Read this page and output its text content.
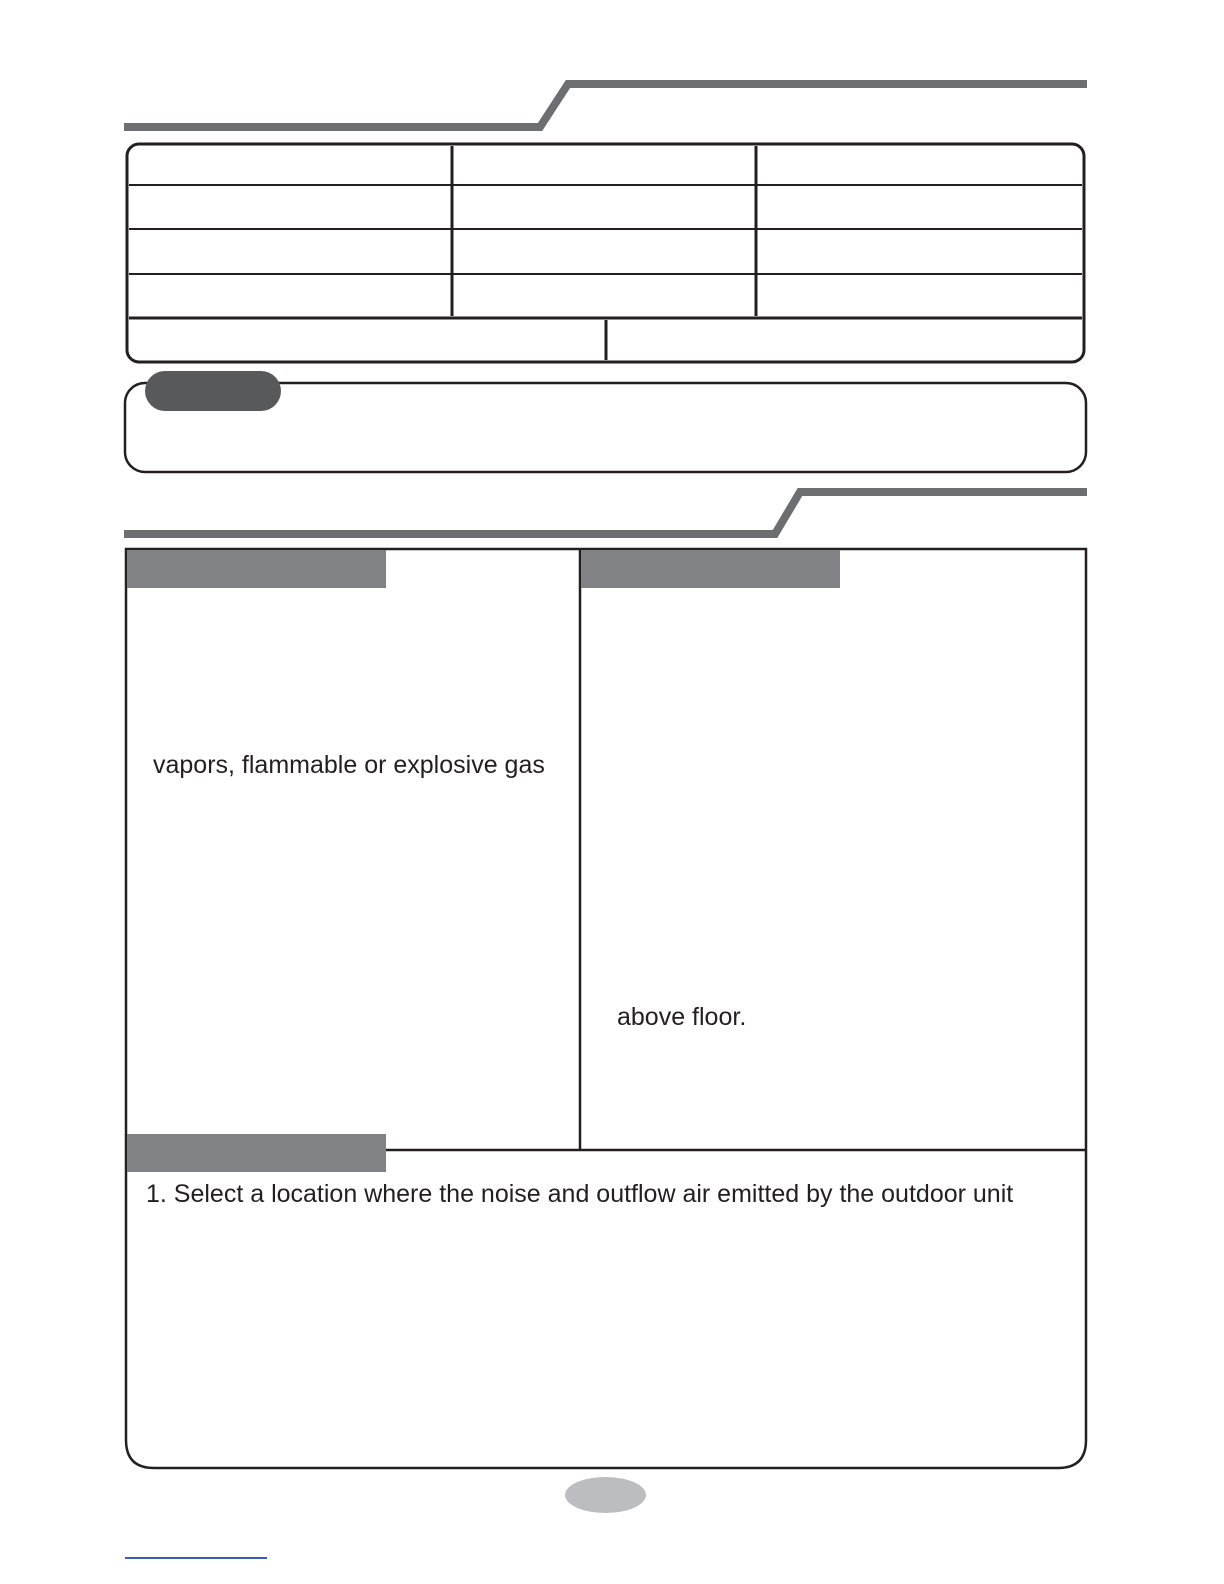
vapors, flammable or explosive gas
above floor.
1. Select a location where the noise and outflow air emitted by the outdoor unit
